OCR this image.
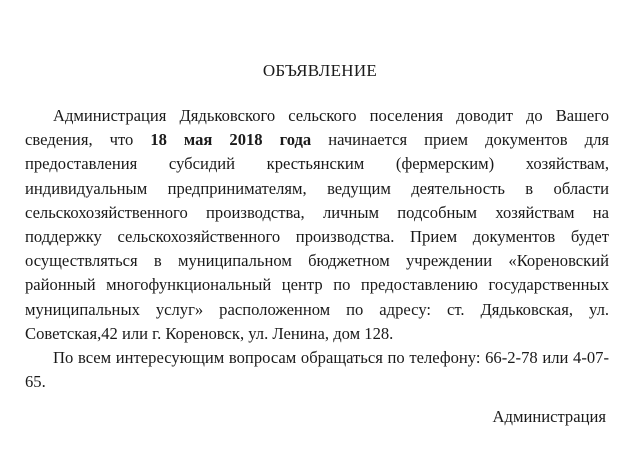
ОБЪЯВЛЕНИЕ

Администрация Дядьковского сельского поселения доводит до Вашего сведения, что 18 мая 2018 года начинается прием документов для предоставления субсидий крестьянским (фермерским) хозяйствам, индивидуальным предпринимателям, ведущим деятельность в области сельскохозяйственного производства, личным подсобным хозяйствам на поддержку сельскохозяйственного производства. Прием документов будет осуществляться в муниципальном бюджетном учреждении «Кореновский районный многофункциональный центр по предоставлению государственных муниципальных услуг» расположенном по адресу: ст. Дядьковская, ул. Советская,42 или г. Кореновск, ул. Ленина, дом 128.

По всем интересующим вопросам обращаться по телефону: 66-2-78 или 4-07-65.

Администрация
